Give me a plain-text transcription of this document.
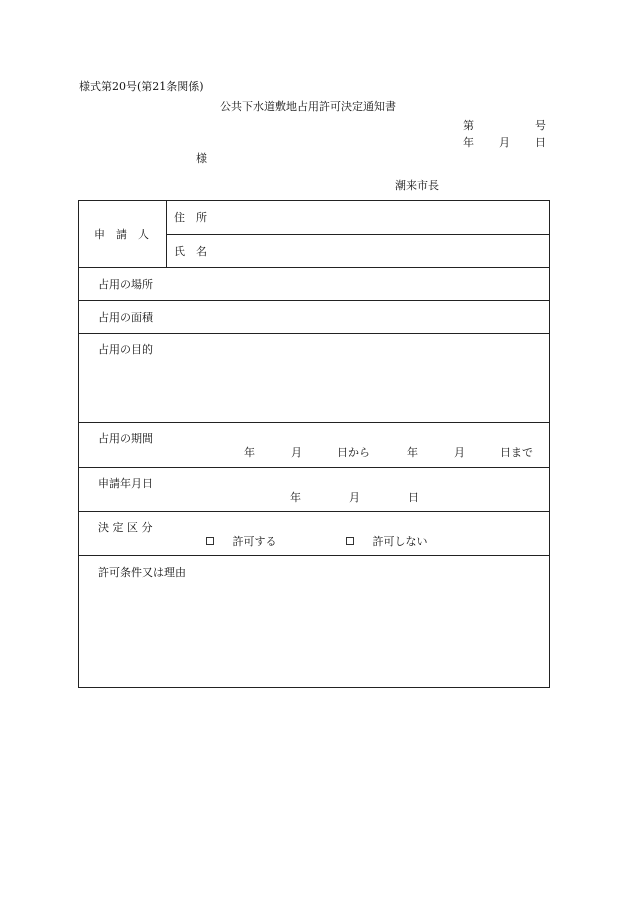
様式第20号(第21条関係)
公共下水道敷地占用許可決定通知書
第	号
年 月 日
様
潮来市長
申　請　人
住　所
氏　名
占用の場所
占用の面積
占用の目的
占用の期間
年	月	日から	年	月	日まで
申請年月日
年	月	日
決 定 区 分
許可する	許可しない
許可条件又は理由
